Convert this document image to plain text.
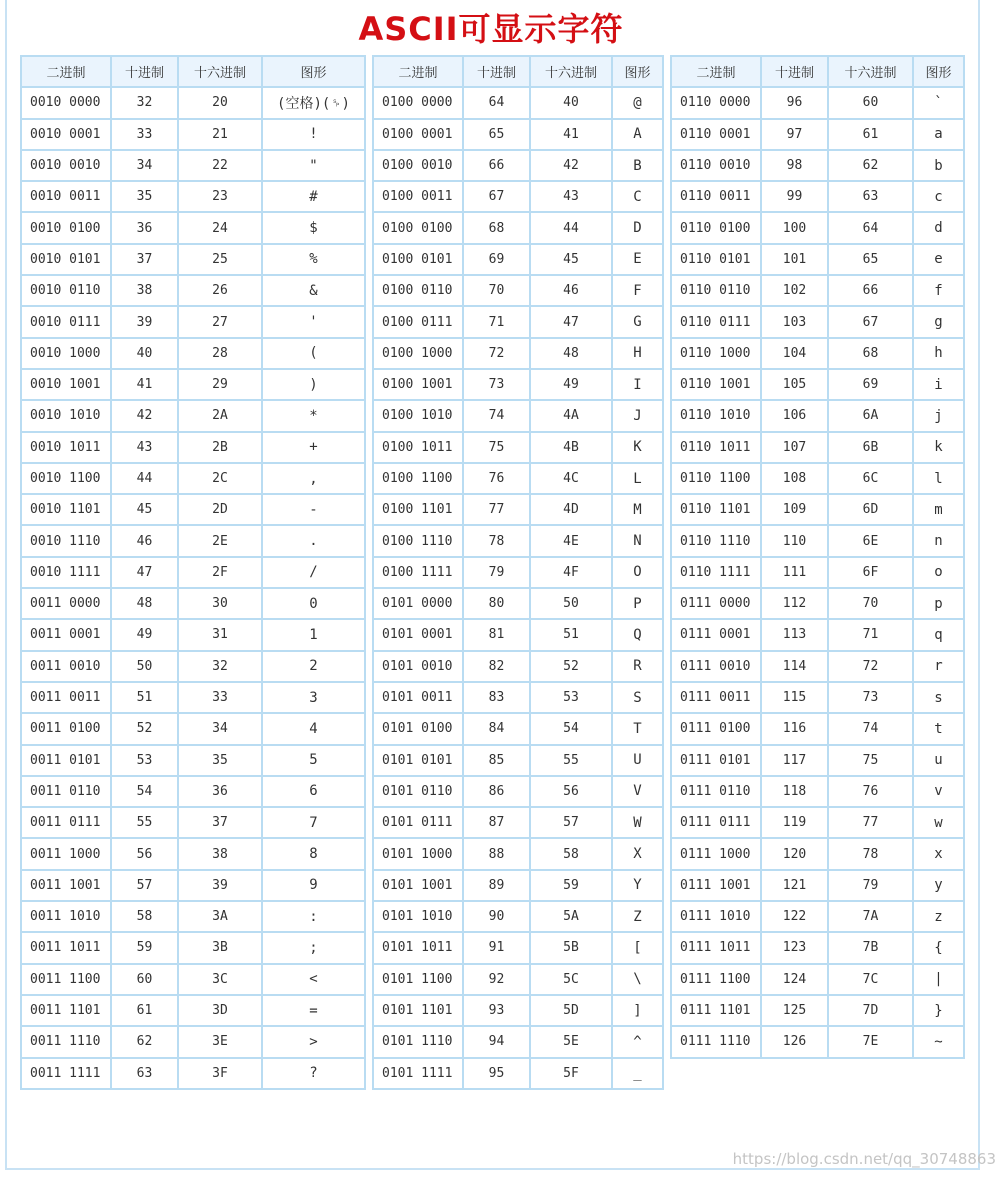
ASCII可显示字符
二进制	十进制	十六进制	图形
0010 0000	32	20	(空格)(␠)
0010 0001	33	21	!
0010 0010	34	22	"
0010 0011	35	23	#
0010 0100	36	24	$
0010 0101	37	25	%
0010 0110	38	26	&
0010 0111	39	27	'
0010 1000	40	28	(
0010 1001	41	29	)
0010 1010	42	2A	*
0010 1011	43	2B	+
0010 1100	44	2C	,
0010 1101	45	2D	-
0010 1110	46	2E	.
0010 1111	47	2F	/
0011 0000	48	30	0
0011 0001	49	31	1
0011 0010	50	32	2
0011 0011	51	33	3
0011 0100	52	34	4
0011 0101	53	35	5
0011 0110	54	36	6
0011 0111	55	37	7
0011 1000	56	38	8
0011 1001	57	39	9
0011 1010	58	3A	:
0011 1011	59	3B	;
0011 1100	60	3C	<
0011 1101	61	3D	=
0011 1110	62	3E	>
0011 1111	63	3F	?
二进制	十进制	十六进制	图形
0100 0000	64	40	@
0100 0001	65	41	A
0100 0010	66	42	B
0100 0011	67	43	C
0100 0100	68	44	D
0100 0101	69	45	E
0100 0110	70	46	F
0100 0111	71	47	G
0100 1000	72	48	H
0100 1001	73	49	I
0100 1010	74	4A	J
0100 1011	75	4B	K
0100 1100	76	4C	L
0100 1101	77	4D	M
0100 1110	78	4E	N
0100 1111	79	4F	O
0101 0000	80	50	P
0101 0001	81	51	Q
0101 0010	82	52	R
0101 0011	83	53	S
0101 0100	84	54	T
0101 0101	85	55	U
0101 0110	86	56	V
0101 0111	87	57	W
0101 1000	88	58	X
0101 1001	89	59	Y
0101 1010	90	5A	Z
0101 1011	91	5B	[
0101 1100	92	5C	\
0101 1101	93	5D	]
0101 1110	94	5E	^
0101 1111	95	5F	_
二进制	十进制	十六进制	图形
0110 0000	96	60	`
0110 0001	97	61	a
0110 0010	98	62	b
0110 0011	99	63	c
0110 0100	100	64	d
0110 0101	101	65	e
0110 0110	102	66	f
0110 0111	103	67	g
0110 1000	104	68	h
0110 1001	105	69	i
0110 1010	106	6A	j
0110 1011	107	6B	k
0110 1100	108	6C	l
0110 1101	109	6D	m
0110 1110	110	6E	n
0110 1111	111	6F	o
0111 0000	112	70	p
0111 0001	113	71	q
0111 0010	114	72	r
0111 0011	115	73	s
0111 0100	116	74	t
0111 0101	117	75	u
0111 0110	118	76	v
0111 0111	119	77	w
0111 1000	120	78	x
0111 1001	121	79	y
0111 1010	122	7A	z
0111 1011	123	7B	{
0111 1100	124	7C	|
0111 1101	125	7D	}
0111 1110	126	7E	~
https://blog.csdn.net/qq_30748863
